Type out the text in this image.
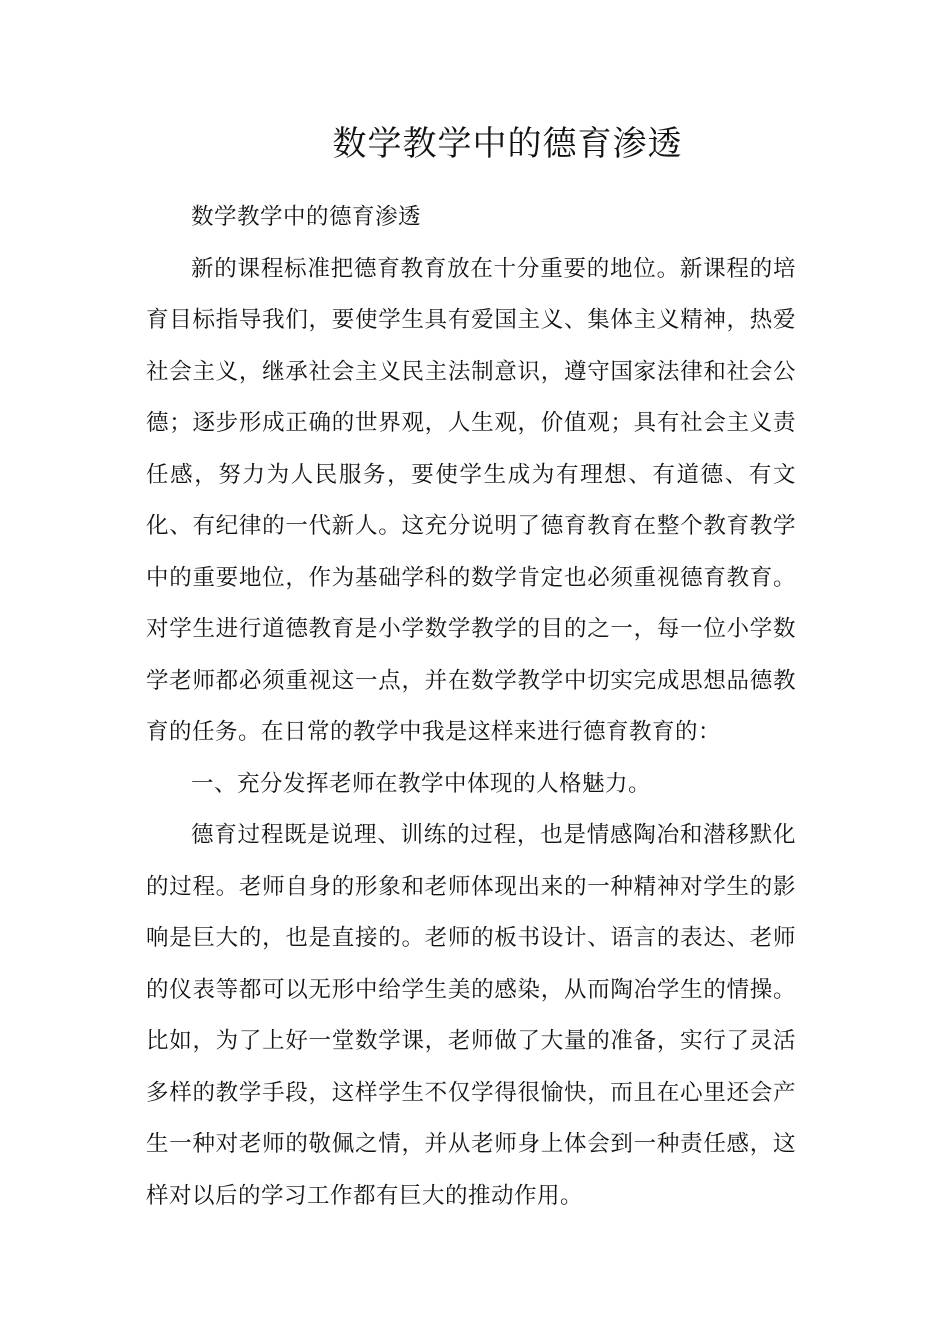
数学教学中的德育渗透

数学教学中的德育渗透

新的课程标准把德育教育放在十分重要的地位。新课程的培育目标指导我们，要使学生具有爱国主义、集体主义精神，热爱社会主义，继承社会主义民主法制意识，遵守国家法律和社会公德；逐步形成正确的世界观，人生观，价值观；具有社会主义责任感，努力为人民服务，要使学生成为有理想、有道德、有文化、有纪律的一代新人。这充分说明了德育教育在整个教育教学中的重要地位，作为基础学科的数学肯定也必须重视德育教育。对学生进行道德教育是小学数学教学的目的之一，每一位小学数学老师都必须重视这一点，并在数学教学中切实完成思想品德教育的任务。在日常的教学中我是这样来进行德育教育的：

一、充分发挥老师在教学中体现的人格魅力。

德育过程既是说理、训练的过程，也是情感陶冶和潜移默化的过程。老师自身的形象和老师体现出来的一种精神对学生的影响是巨大的，也是直接的。老师的板书设计、语言的表达、老师的仪表等都可以无形中给学生美的感染，从而陶冶学生的情操。比如，为了上好一堂数学课，老师做了大量的准备，实行了灵活多样的教学手段，这样学生不仅学得很愉快，而且在心里还会产生一种对老师的敬佩之情，并从老师身上体会到一种责任感，这样对以后的学习工作都有巨大的推动作用。
